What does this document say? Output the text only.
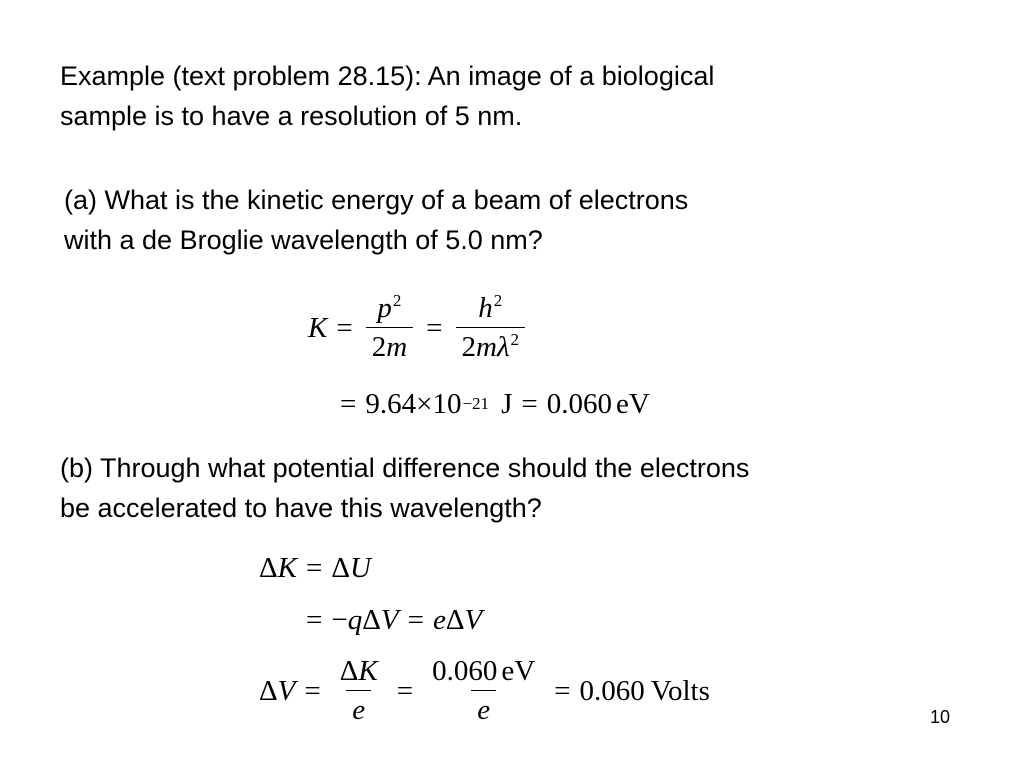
Example (text problem 28.15): An image of a biological
sample is to have a resolution of 5 nm.
(a) What is the kinetic energy of a beam of electrons
with a de Broglie wavelength of 5.0 nm?
$K = \frac{p^2}{2m} = \frac{h^2}{2m\lambda^2}$
= 9.64×10 −21 J = 0.060 eV
(b) Through what potential difference should the electrons
be accelerated to have this wavelength?
Δ K = Δ U
= − q Δ V = e Δ V
Δ $V = \frac{\Delta K}{e} = \frac{0.060 eV}{e} = 0.060$ Volts
10
